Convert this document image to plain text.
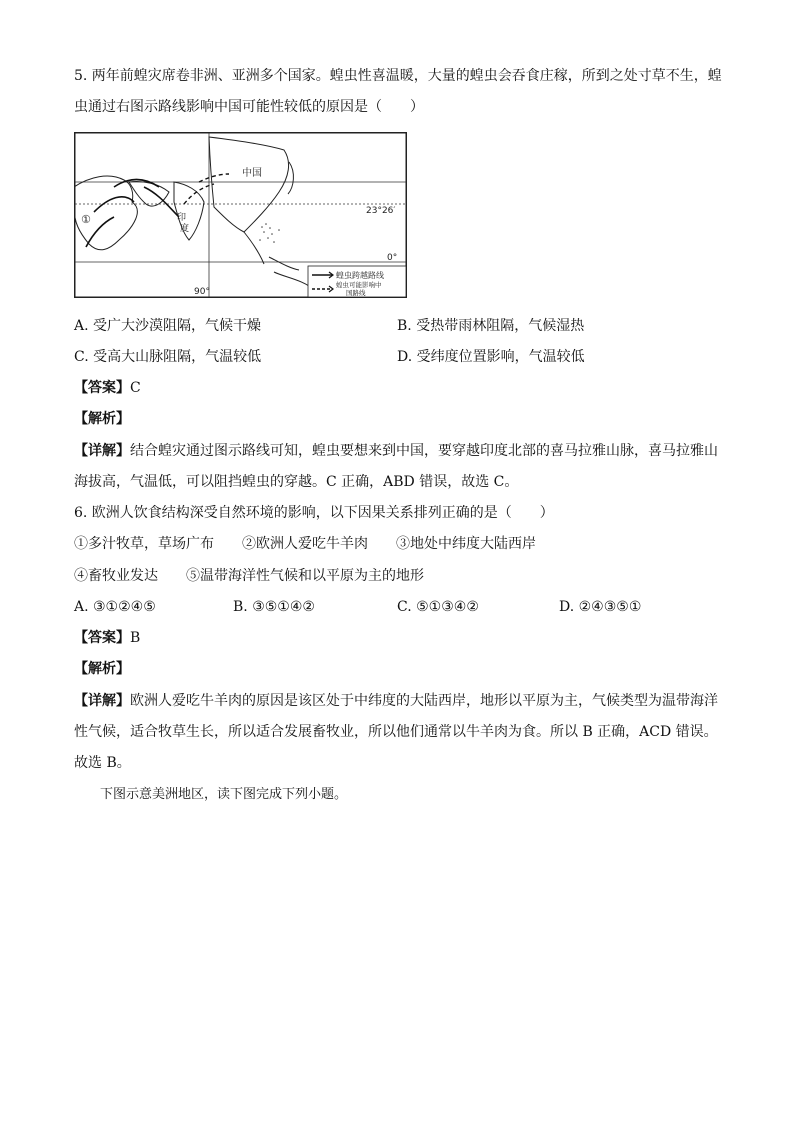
5. 两年前蝗灾席卷非洲、亚洲多个国家。蝗虫性喜温暖，大量的蝗虫会吞食庄稼，所到之处寸草不生，蝗
虫通过右图示路线影响中国可能性较低的原因是（　　）
中国
印
度
①
23°26′
90°
0°
蝗虫跨越路线
蝗虫可能影响中
国路线
A. 受广大沙漠阻隔，气候干燥	B. 受热带雨林阻隔，气候湿热
C. 受高大山脉阻隔，气温较低	D. 受纬度位置影响，气温较低
【答案】C
【解析】
【详解】结合蝗灾通过图示路线可知，蝗虫要想来到中国，要穿越印度北部的喜马拉雅山脉，喜马拉雅山
海拔高，气温低，可以阻挡蝗虫的穿越。C 正确，ABD 错误，故选 C。
6. 欧洲人饮食结构深受自然环境的影响，以下因果关系排列正确的是（　　）
①多汁牧草，草场广布　　②欧洲人爱吃牛羊肉　　③地处中纬度大陆西岸
④畜牧业发达　　⑤温带海洋性气候和以平原为主的地形
A. ③①②④⑤	B. ③⑤①④②	C. ⑤①③④②	D. ②④③⑤①
【答案】B
【解析】
【详解】欧洲人爱吃牛羊肉的原因是该区处于中纬度的大陆西岸，地形以平原为主，气候类型为温带海洋
性气候，适合牧草生长，所以适合发展畜牧业，所以他们通常以牛羊肉为食。所以 B 正确，ACD 错误。
故选 B。
下图示意美洲地区，读下图完成下列小题。
